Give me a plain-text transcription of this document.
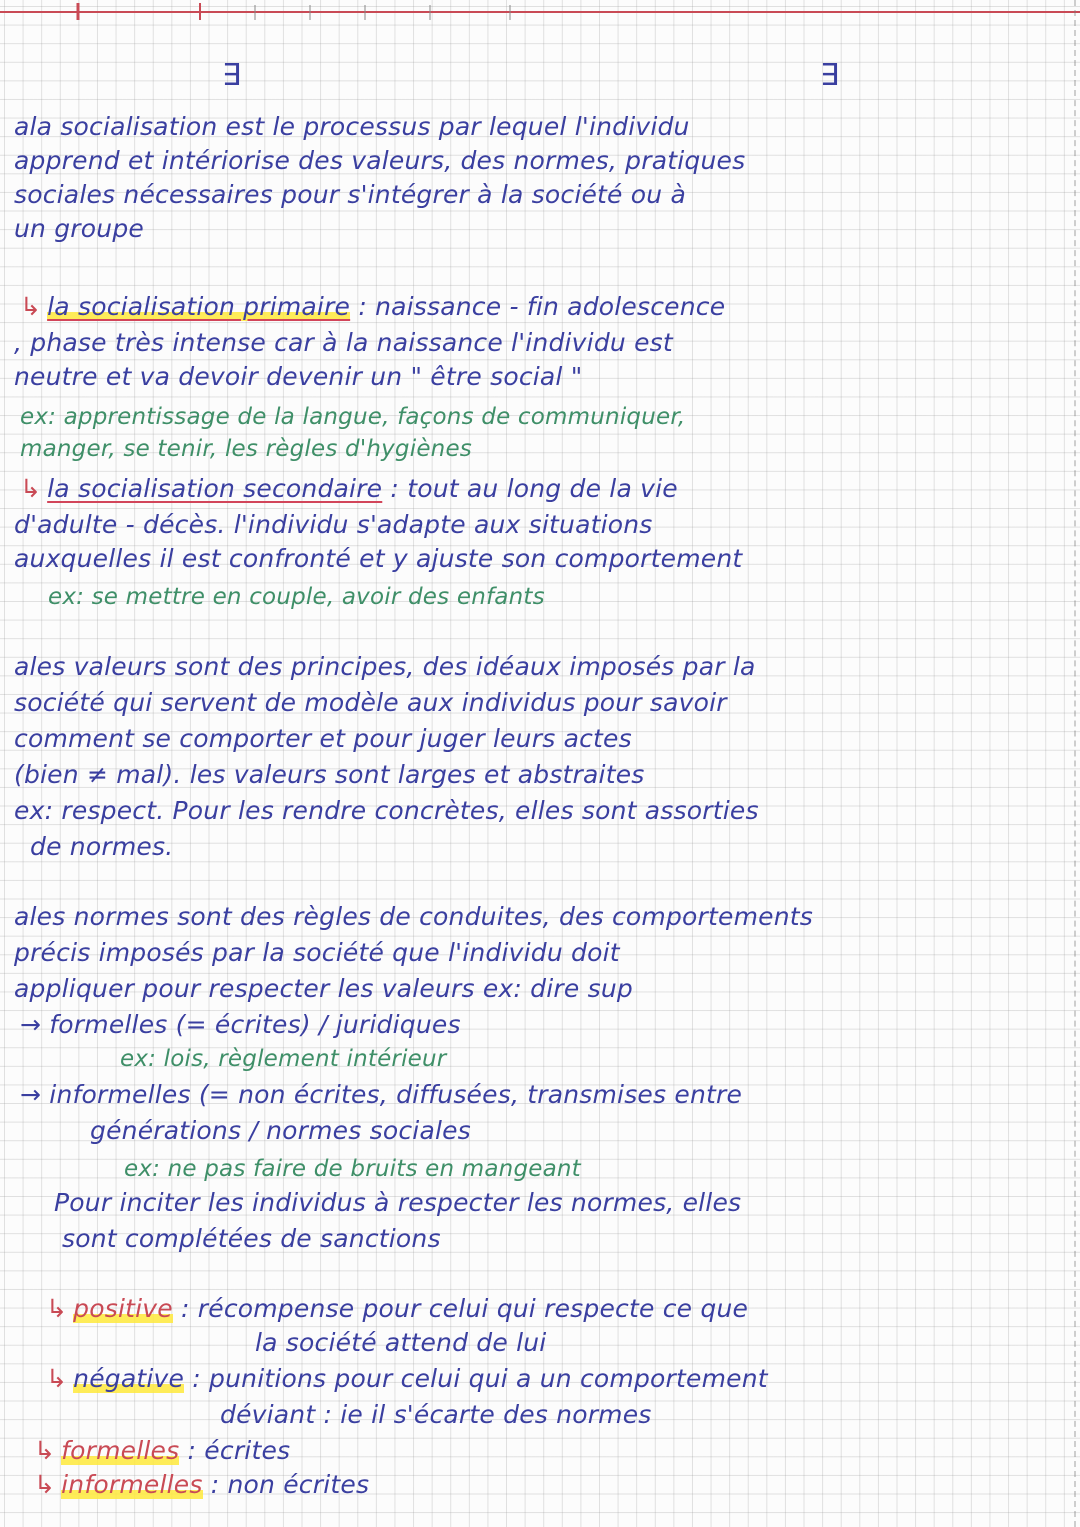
∃	∃
ala socialisation est le processus par lequel l'individu
apprend et intériorise des valeurs, des normes, pratiques
sociales nécessaires pour s'intégrer à la société ou à
un groupe
↳ la socialisation primaire : naissance - fin adolescence
, phase très intense car à la naissance l'individu est
neutre et va devoir devenir un " être social "
ex: apprentissage de la langue, façons de communiquer,
manger, se tenir, les règles d'hygiènes
↳ la socialisation secondaire : tout au long de la vie
d'adulte - décès. l'individu s'adapte aux situations
auxquelles il est confronté et y ajuste son comportement
ex: se mettre en couple, avoir des enfants
ales valeurs sont des principes, des idéaux imposés par la
société qui servent de modèle aux individus pour savoir
comment se comporter et pour juger leurs actes
(bien ≠ mal). les valeurs sont larges et abstraites
ex: respect. Pour les rendre concrètes, elles sont assorties
de normes.
ales normes sont des règles de conduites, des comportements
précis imposés par la société que l'individu doit
appliquer pour respecter les valeurs ex: dire sup
→ formelles (= écrites) / juridiques
ex: lois, règlement intérieur
→ informelles (= non écrites, diffusées, transmises entre
générations / normes sociales
ex: ne pas faire de bruits en mangeant
Pour inciter les individus à respecter les normes, elles
sont complétées de sanctions
↳ positive : récompense pour celui qui respecte ce que
la société attend de lui
↳ négative : punitions pour celui qui a un comportement
déviant : ie il s'écarte des normes
↳ formelles : écrites
↳ informelles : non écrites
